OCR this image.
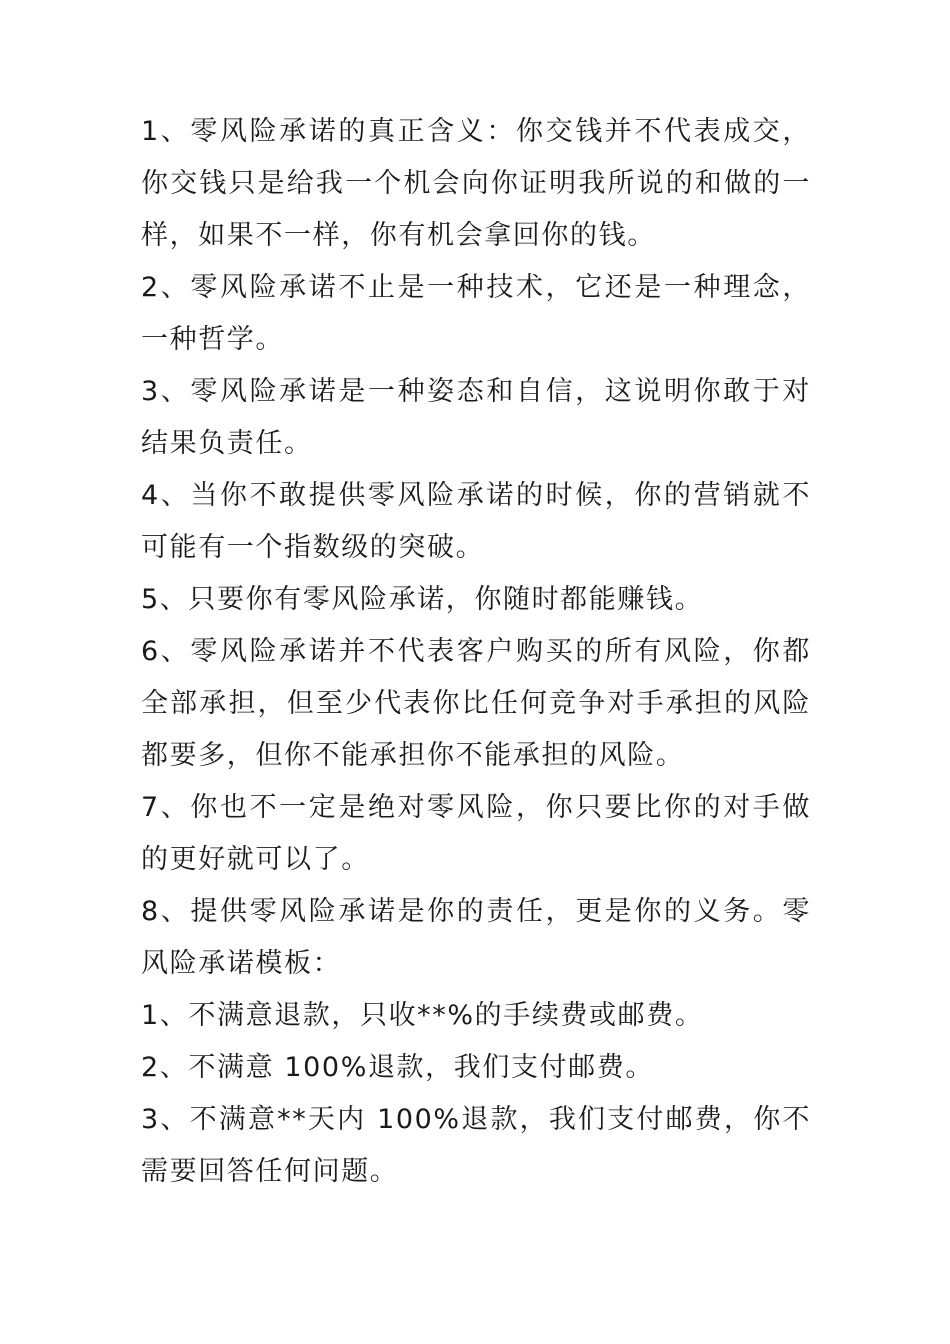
1、零风险承诺的真正含义：你交钱并不代表成交，你交钱只是给我一个机会向你证明我所说的和做的一样，如果不一样，你有机会拿回你的钱。

2、零风险承诺不止是一种技术，它还是一种理念，一种哲学。

3、零风险承诺是一种姿态和自信，这说明你敢于对结果负责任。

4、当你不敢提供零风险承诺的时候，你的营销就不可能有一个指数级的突破。

5、只要你有零风险承诺，你随时都能赚钱。

6、零风险承诺并不代表客户购买的所有风险，你都全部承担，但至少代表你比任何竞争对手承担的风险都要多，但你不能承担你不能承担的风险。

7、你也不一定是绝对零风险，你只要比你的对手做的更好就可以了。

8、提供零风险承诺是你的责任，更是你的义务。零风险承诺模板：

1、不满意退款，只收**%的手续费或邮费。

2、不满意 100%退款，我们支付邮费。

3、不满意**天内 100%退款，我们支付邮费，你不需要回答任何问题。
